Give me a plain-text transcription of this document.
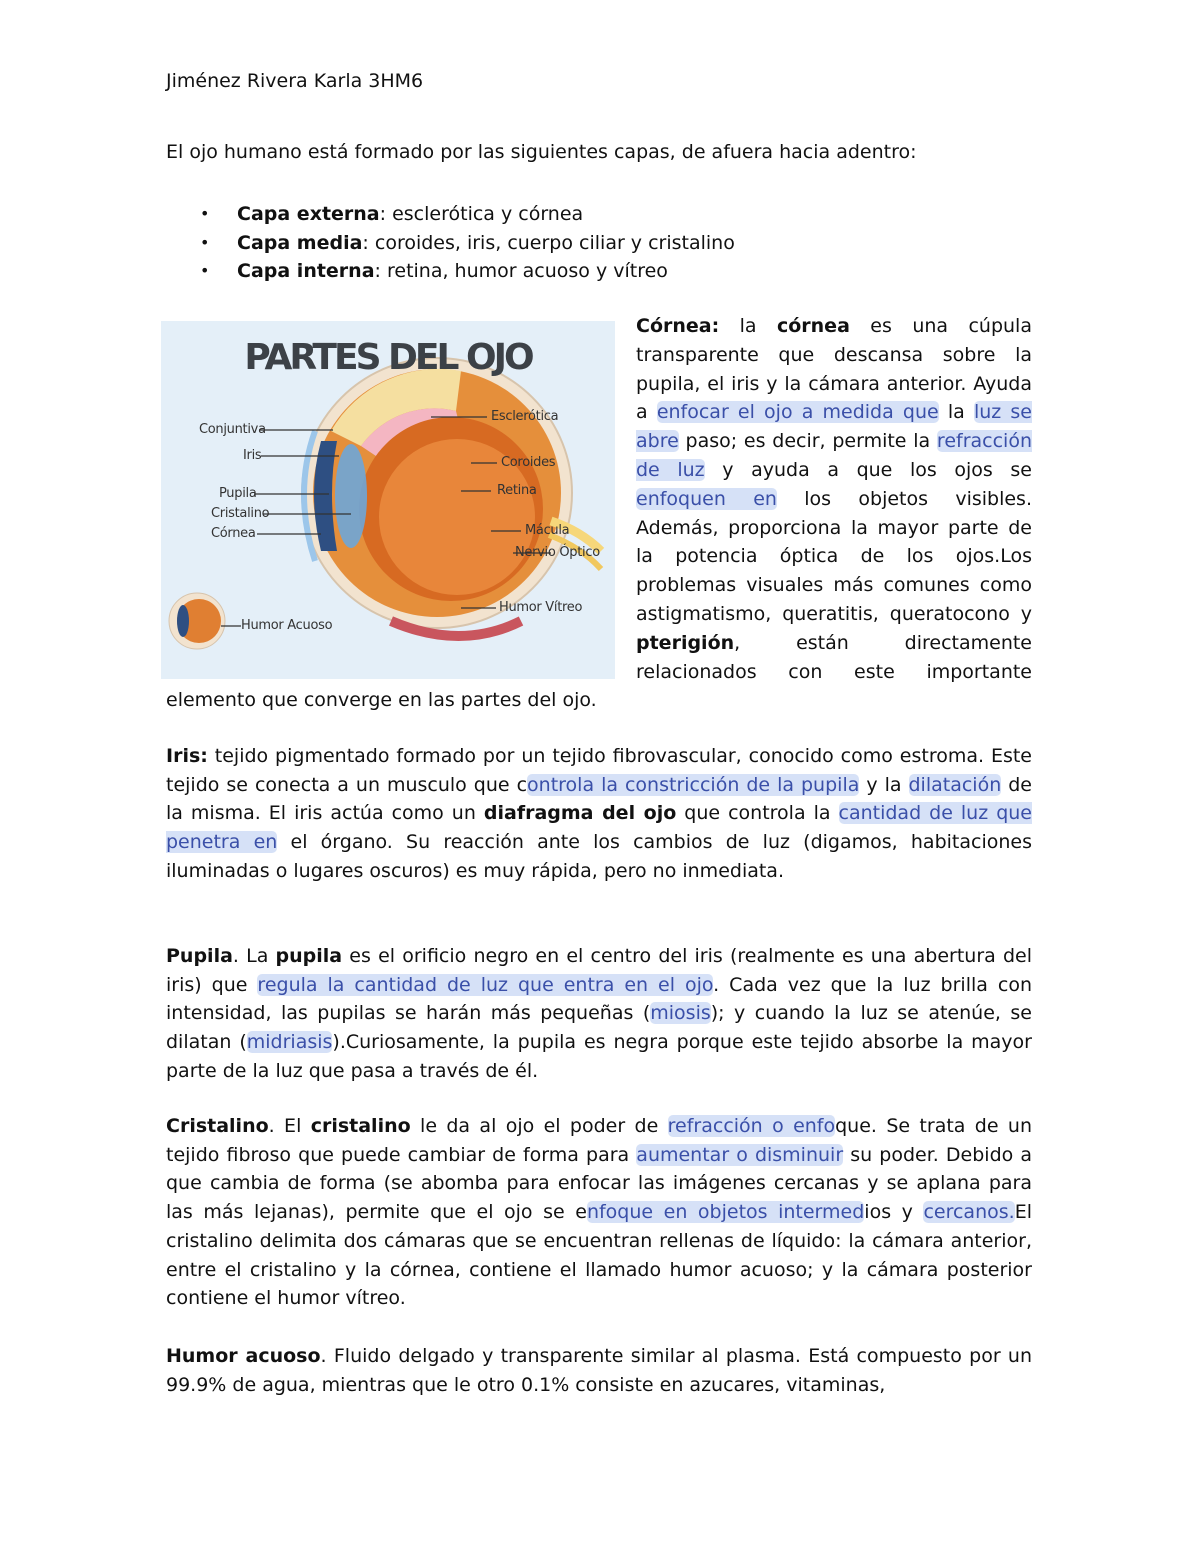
Jiménez Rivera Karla 3HM6
El ojo humano está formado por las siguientes capas, de afuera hacia adentro:
• Capa externa: esclerótica y córnea
• Capa media: coroides, iris, cuerpo ciliar y cristalino
• Capa interna: retina, humor acuoso y vítreo
PARTES DEL OJO
Conjuntiva
Iris
Pupila
Cristalino
Córnea
Humor Acuoso
Esclerótica
Coroides
Retina
Mácula
Nervio Óptico
Humor Vítreo
Córnea: la córnea es una cúpula transparente que descansa sobre la pupila, el iris y la cámara anterior. Ayuda a enfocar el ojo a medida que la luz se abre paso; es decir, permite la refracción de luz y ayuda a que los ojos se enfoquen en los objetos visibles. Además, proporciona la mayor parte de la potencia óptica de los ojos.Los problemas visuales más comunes como astigmatismo, queratitis, queratocono y pterigión, están directamente relacionados con este importante elemento que converge en las partes del ojo.
Iris: tejido pigmentado formado por un tejido fibrovascular, conocido como estroma. Este tejido se conecta a un musculo que controla la constricción de la pupila y la dilatación de la misma. El iris actúa como un diafragma del ojo que controla la cantidad de luz que penetra en el órgano. Su reacción ante los cambios de luz (digamos, habitaciones iluminadas o lugares oscuros) es muy rápida, pero no inmediata.
Pupila. La pupila es el orificio negro en el centro del iris (realmente es una abertura del iris) que regula la cantidad de luz que entra en el ojo. Cada vez que la luz brilla con intensidad, las pupilas se harán más pequeñas (miosis); y cuando la luz se atenúe, se dilatan (midriasis).Curiosamente, la pupila es negra porque este tejido absorbe la mayor parte de la luz que pasa a través de él.
Cristalino. El cristalino le da al ojo el poder de refracción o enfoque. Se trata de un tejido fibroso que puede cambiar de forma para aumentar o disminuir su poder. Debido a que cambia de forma (se abomba para enfocar las imágenes cercanas y se aplana para las más lejanas), permite que el ojo se enfoque en objetos intermedios y cercanos.El cristalino delimita dos cámaras que se encuentran rellenas de líquido: la cámara anterior, entre el cristalino y la córnea, contiene el llamado humor acuoso; y la cámara posterior contiene el humor vítreo.
Humor acuoso. Fluido delgado y transparente similar al plasma. Está compuesto por un 99.9% de agua, mientras que le otro 0.1% consiste en azucares, vitaminas,
